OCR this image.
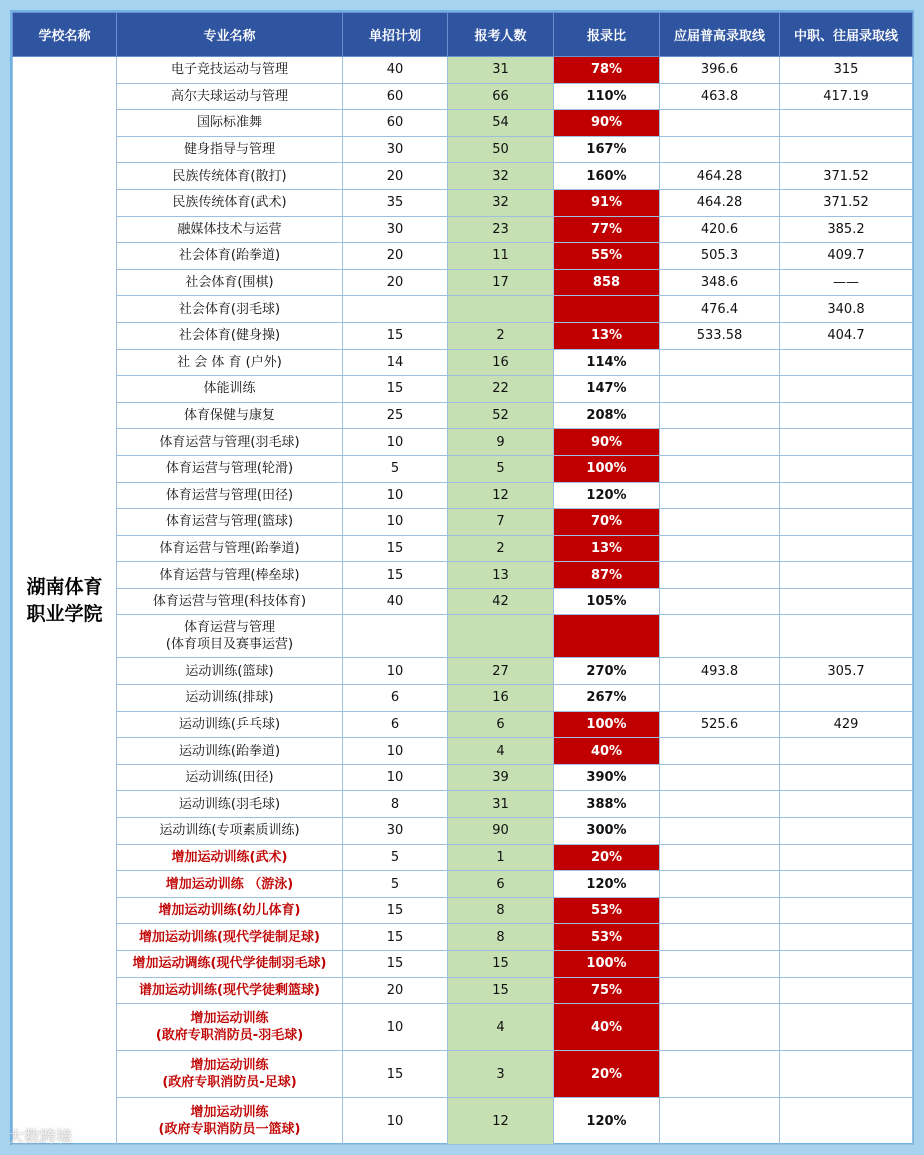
学校名称	专业名称	单招计划	报考人数	报录比	应届普高录取线	中职、往届录取线
湖南体育职业学院	电子竞技运动与管理	40	31	78%	396.6	315
	高尔夫球运动与管理	60	66	110%	463.8	417.19
	国际标准舞	60	54	90%		
	健身指导与管理	30	50	167%		
	民族传统体育(散打)	20	32	160%	464.28	371.52
	民族传统体育(武术)	35	32	91%	464.28	371.52
	融媒体技术与运营	30	23	77%	420.6	385.2
	社会体育(跆拳道)	20	11	55%	505.3	409.7
	社会体育(围棋)	20	17	858	348.6	——
	社会体育(羽毛球)				476.4	340.8
	社会体育(健身操)	15	2	13%	533.58	404.7
	社 会 体 育 (户外)	14	16	114%		
	体能训练	15	22	147%		
	体育保健与康复	25	52	208%		
	体育运营与管理(羽毛球)	10	9	90%		
	体育运营与管理(轮滑)	5	5	100%		
	体育运营与管理(田径)	10	12	120%		
	体育运营与管理(篮球)	10	7	70%		
	体育运营与管理(跆拳道)	15	2	13%		
	体育运营与管理(棒垒球)	15	13	87%		
	体育运营与管理(科技体育)	40	42	105%		
	体育运营与管理
(体育项目及赛事运营)					
	运动训练(篮球)	10	27	270%	493.8	305.7
	运动训练(排球)	6	16	267%		
	运动训练(乒乓球)	6	6	100%	525.6	429
	运动训练(跆拳道)	10	4	40%		
	运动训练(田径)	10	39	390%		
	运动训练(羽毛球)	8	31	388%		
	运动训练(专项素质训练)	30	90	300%		
	增加运动训练(武术)	5	1	20%		
	增加运动训练 （游泳)	5	6	120%		
	增加运动训练(幼儿体育)	15	8	53%		
	增加运动训练(现代学徒制足球)	15	8	53%		
	增加运动调练(现代学徒制羽毛球)	15	15	100%		
	谱加运动训练(现代学徒剩篮球)	20	15	75%		
	增加运动训练
(敢府专职消防员-羽毛球)	10	4	40%		
	增加运动训练
(政府专职消防员-足球)	15	3	20%		
	增加运动训练
(政府专职消防员一篮球)	10	12	120%		
大数跨境
